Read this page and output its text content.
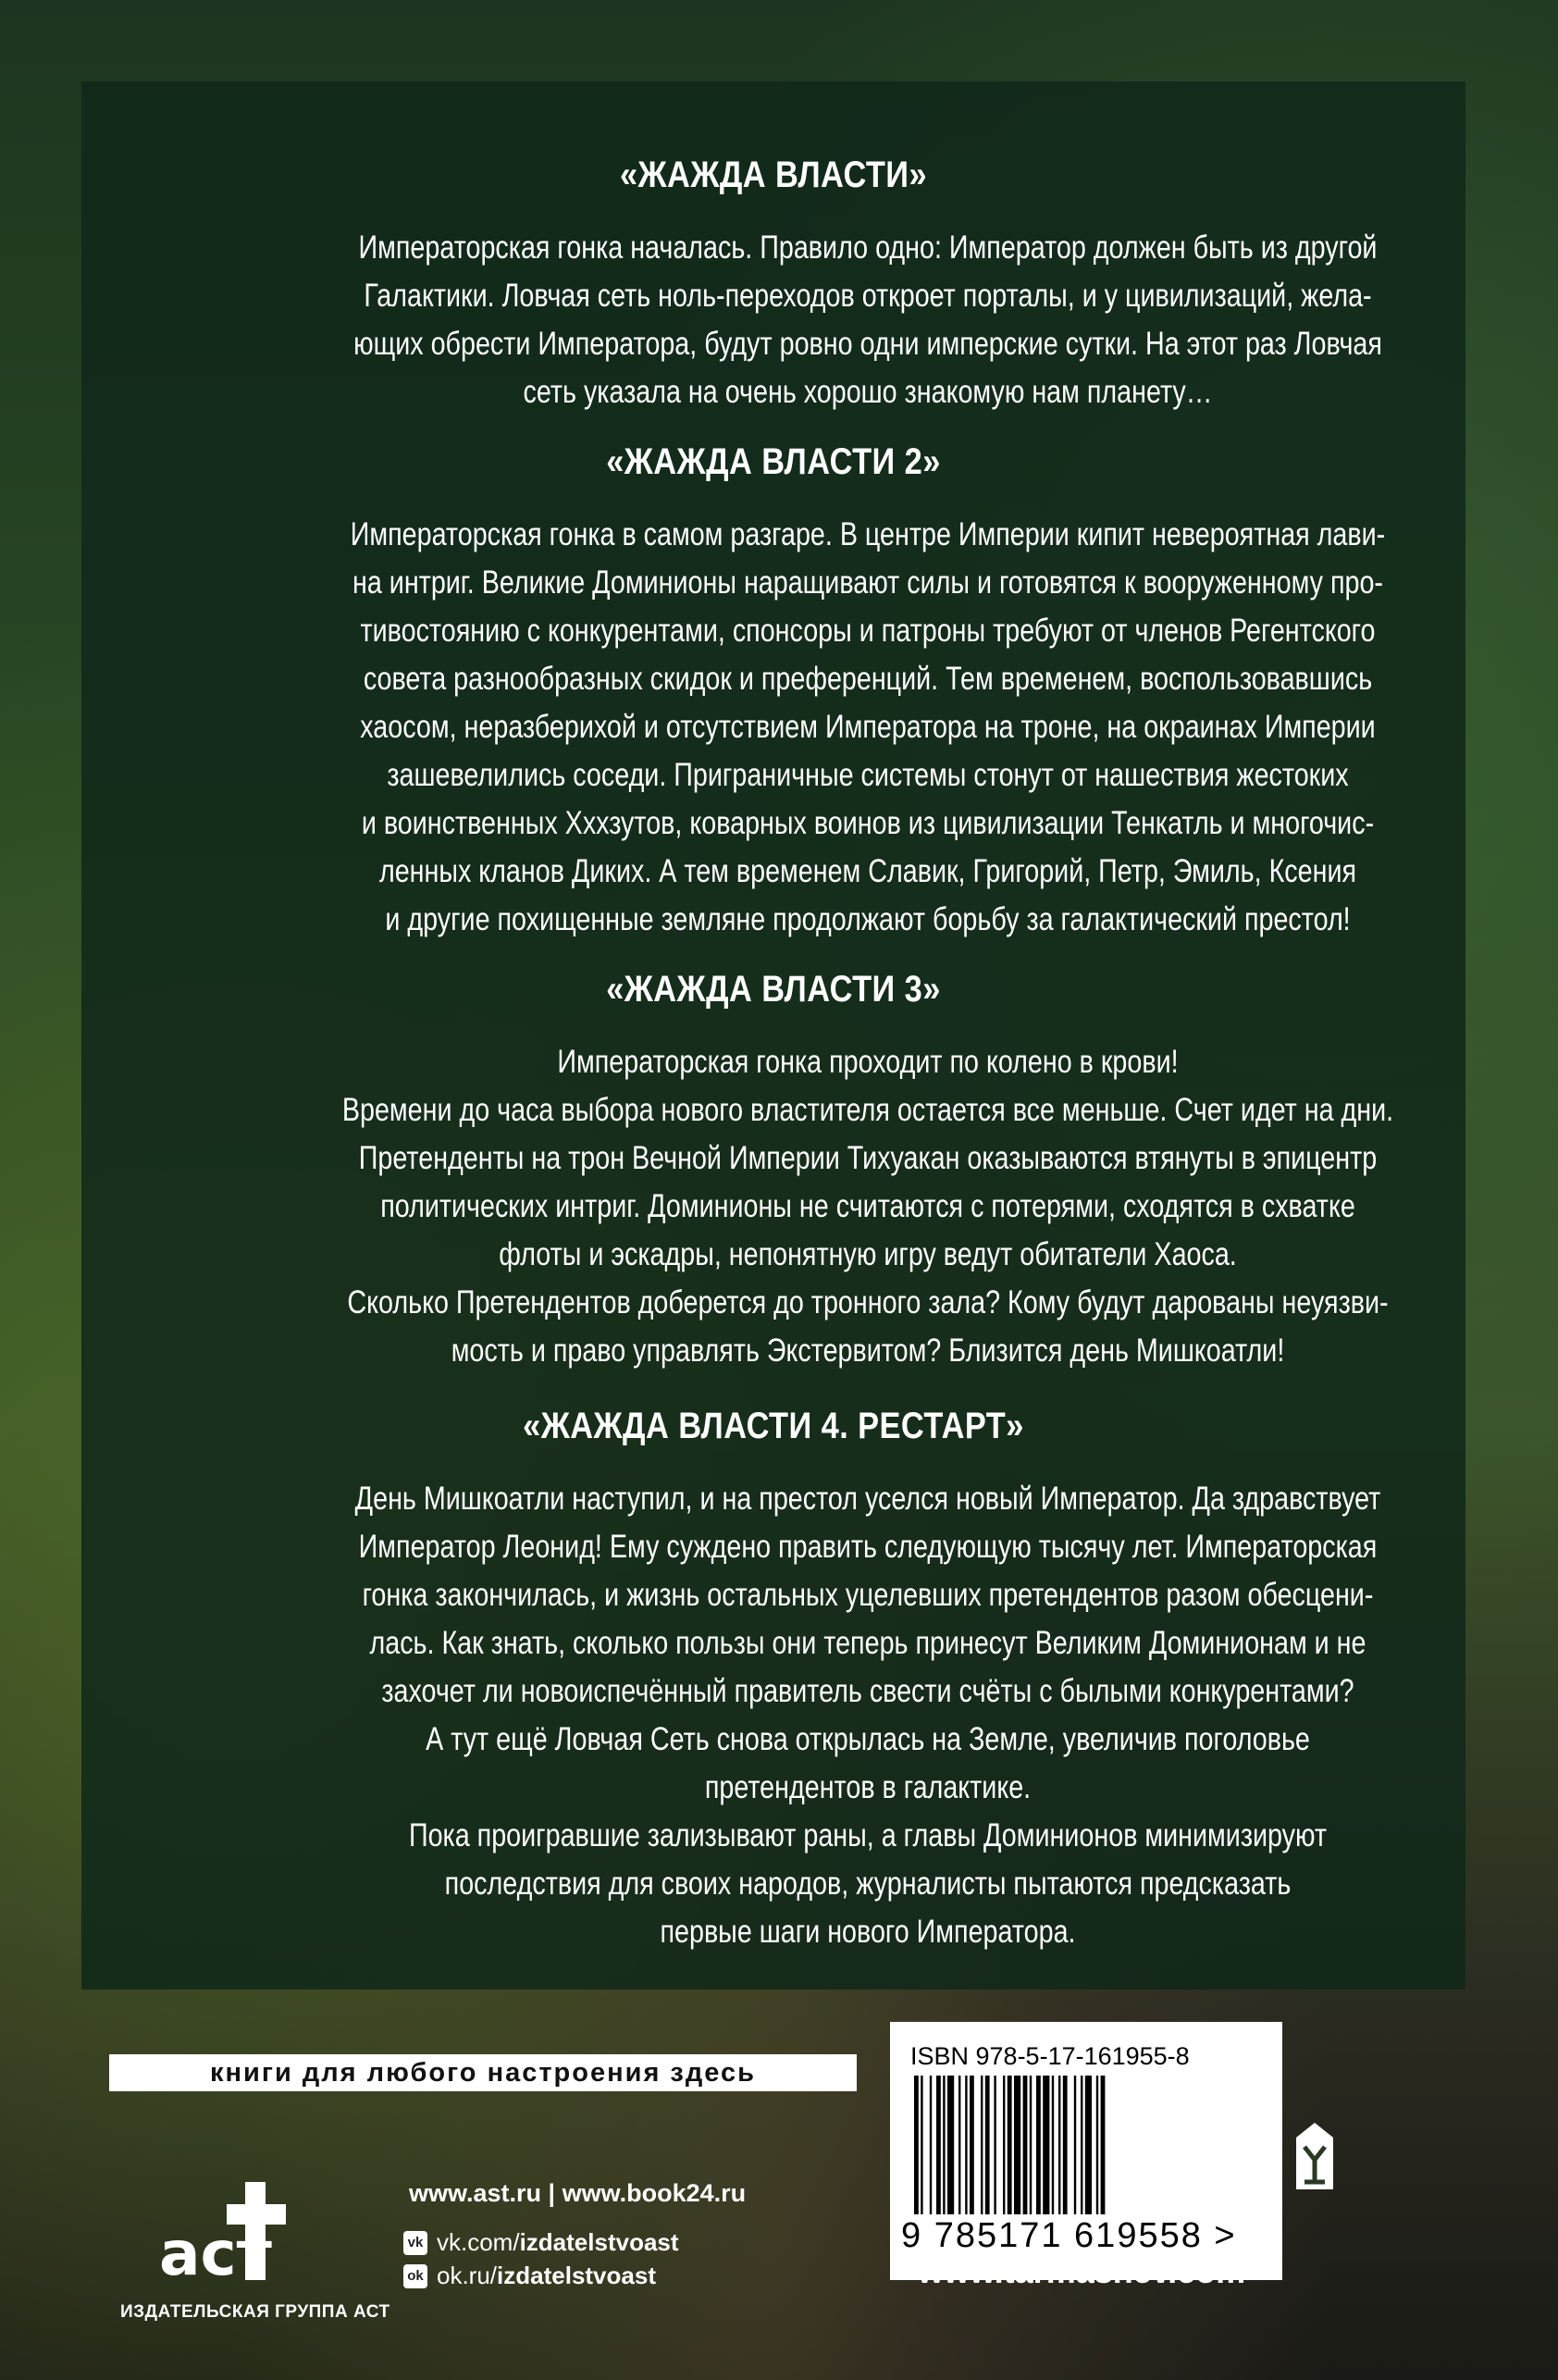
«ЖАЖДА ВЛАСТИ»

Императорская гонка началась. Правило одно: Император должен быть из другой
Галактики. Ловчая сеть ноль-переходов откроет порталы, и у цивилизаций, жела-
ющих обрести Императора, будут ровно одни имперские сутки. На этот раз Ловчая
сеть указала на очень хорошо знакомую нам планету…

«ЖАЖДА ВЛАСТИ 2»

Императорская гонка в самом разгаре. В центре Империи кипит невероятная лави-
на интриг. Великие Доминионы наращивают силы и готовятся к вооруженному про-
тивостоянию с конкурентами, спонсоры и патроны требуют от членов Регентского
совета разнообразных скидок и преференций. Тем временем, воспользовавшись
хаосом, неразберихой и отсутствием Императора на троне, на окраинах Империи
зашевелились соседи. Приграничные системы стонут от нашествия жестоких
и воинственных Хххзутов, коварных воинов из цивилизации Тенкатль и многочис-
ленных кланов Диких. А тем временем Славик, Григорий, Петр, Эмиль, Ксения
и другие похищенные земляне продолжают борьбу за галактический престол!

«ЖАЖДА ВЛАСТИ 3»

Императорская гонка проходит по колено в крови!
Времени до часа выбора нового властителя остается все меньше. Счет идет на дни.
Претенденты на трон Вечной Империи Тихуакан оказываются втянуты в эпицентр
политических интриг. Доминионы не считаются с потерями, сходятся в схватке
флоты и эскадры, непонятную игру ведут обитатели Хаоса.
Сколько Претендентов доберется до тронного зала? Кому будут дарованы неуязви-
мость и право управлять Экстервитом? Близится день Мишкоатли!

«ЖАЖДА ВЛАСТИ 4. РЕСТАРТ»

День Мишкоатли наступил, и на престол уселся новый Император. Да здравствует
Император Леонид! Ему суждено править следующую тысячу лет. Императорская
гонка закончилась, и жизнь остальных уцелевших претендентов разом обесцени-
лась. Как знать, сколько пользы они теперь принесут Великим Доминионам и не
захочет ли новоиспечённый правитель свести счёты с былыми конкурентами?
А тут ещё Ловчая Сеть снова открылась на Земле, увеличив поголовье
претендентов в галактике.
Пока проигравшие зализывают раны, а главы Доминионов минимизируют
последствия для своих народов, журналисты пытаются предсказать
первые шаги нового Императора.

книги для любого настроения здесь
аст
ИЗДАТЕЛЬСКАЯ ГРУППА АСТ
www.ast.ru | www.book24.ru
vk vk.com/ izdatelstvoast
ok ok.ru/ izdatelstvoast
ISBN 978-5-17-161955-8
9 785171 619558 >
www.tarmashev.com
